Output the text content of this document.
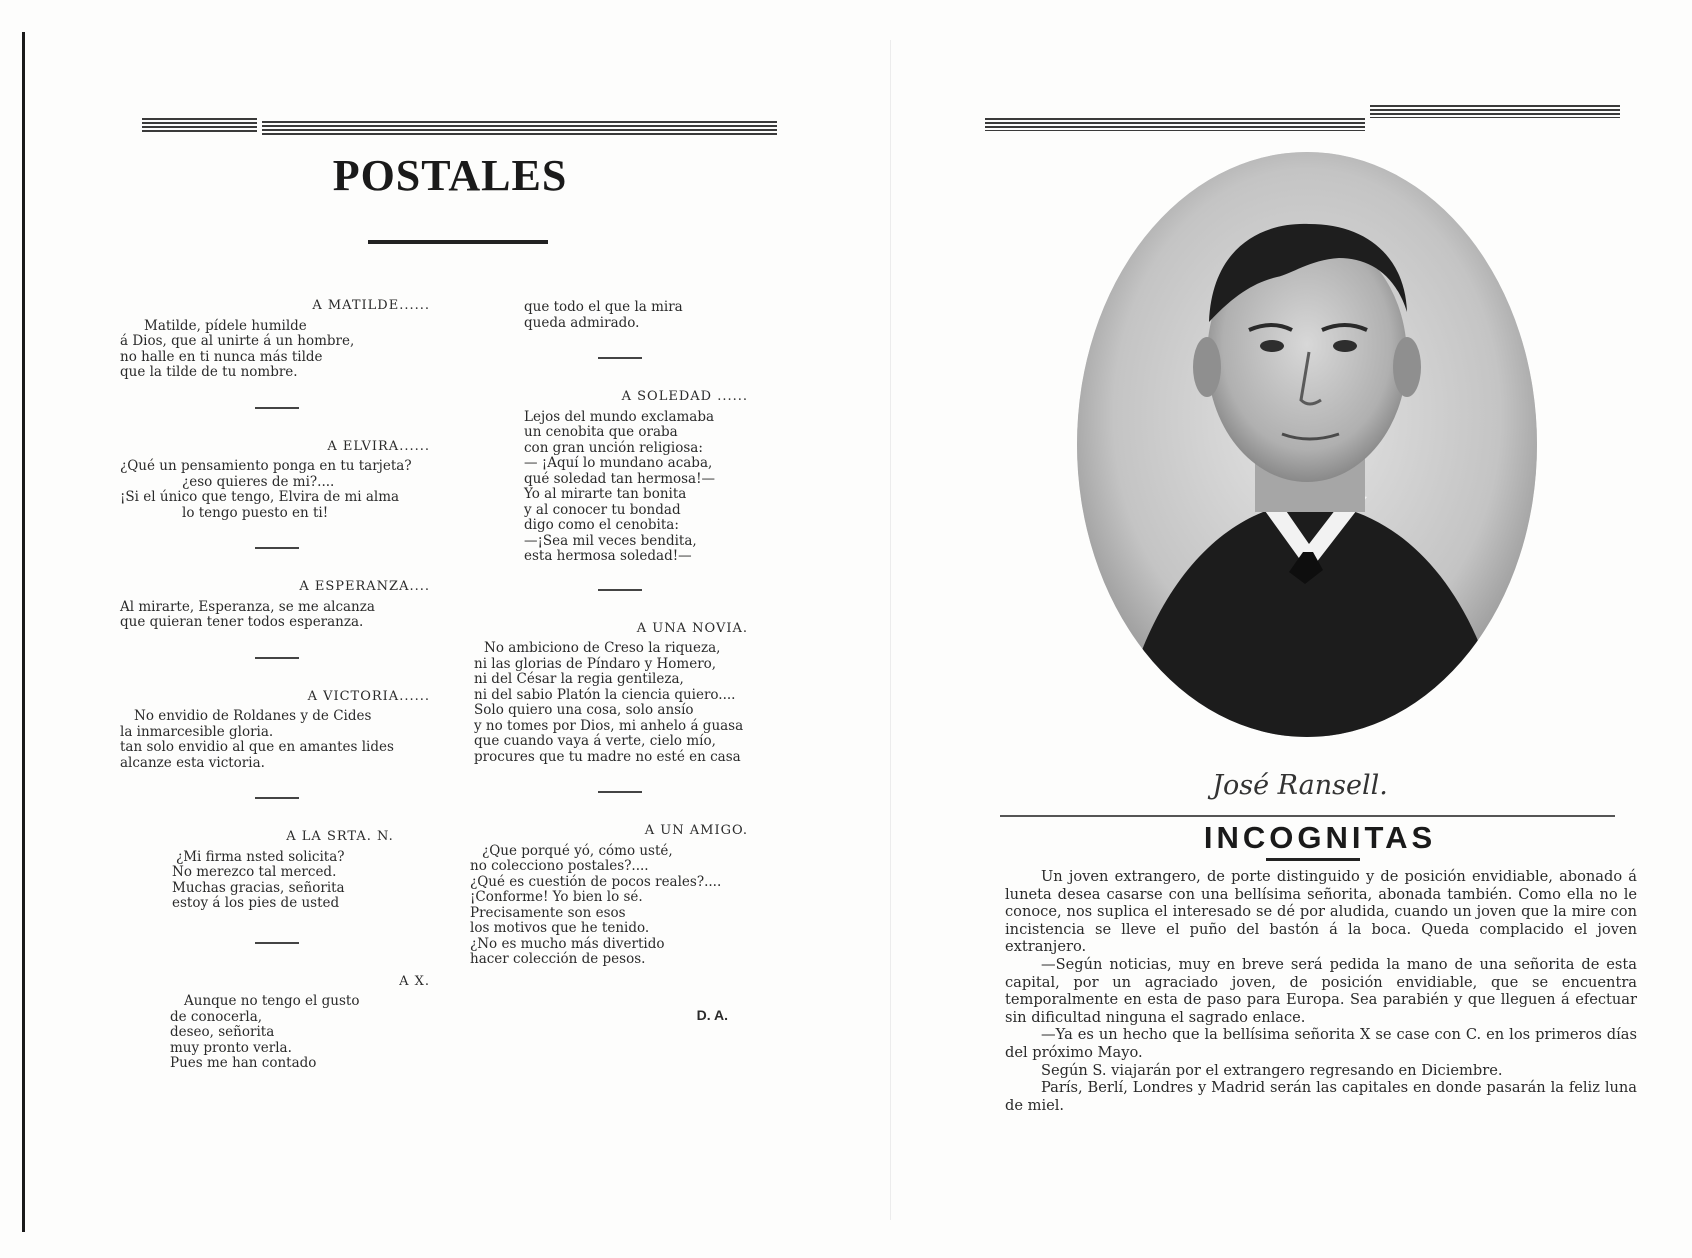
POSTALES
A MATILDE......
Matilde, pídele humilde
á Dios, que al unirte á un hombre,
no halle en ti nunca más tilde
que la tilde de tu nombre.
A ELVIRA......
¿Qué un pensamiento ponga en tu tarjeta?
¿eso quieres de mi?....
¡Si el único que tengo, Elvira de mi alma
lo tengo puesto en ti!
A ESPERANZA....
Al mirarte, Esperanza, se me alcanza
que quieran tener todos esperanza.
A VICTORIA......
No envidio de Roldanes y de Cides
la inmarcesible gloria.
tan solo envidio al que en amantes lides
alcanze esta victoria.
A LA SRTA. N.
¿Mi firma nsted solicita?
No merezco tal merced.
Muchas gracias, señorita
estoy á los pies de usted
A X.
Aunque no tengo el gusto
de conocerla,
deseo, señorita
muy pronto verla.
Pues me han contado
que todo el que la mira
queda admirado.
A SOLEDAD ......
Lejos del mundo exclamaba
un cenobita que oraba
con gran unción religiosa:
— ¡Aquí lo mundano acaba,
qué soledad tan hermosa!—
Yo al mirarte tan bonita
y al conocer tu bondad
digo como el cenobita:
—¡Sea mil veces bendita,
esta hermosa soledad!—
A UNA NOVIA.
No ambiciono de Creso la riqueza,
ni las glorias de Píndaro y Homero,
ni del César la regia gentileza,
ni del sabio Platón la ciencia quiero....
Solo quiero una cosa, solo ansío
y no tomes por Dios, mi anhelo á guasa
que cuando vaya á verte, cielo mío,
procures que tu madre no esté en casa
A UN AMIGO.
¿Que porqué yó, cómo usté,
no colecciono postales?....
¿Qué es cuestión de pocos reales?....
¡Conforme! Yo bien lo sé.
Precisamente son esos
los motivos que he tenido.
¿No es mucho más divertido
hacer colección de pesos.
D. A.
José Ransell.
INCOGNITAS

Un joven extrangero, de porte distinguido y de posición envidiable, abonado á luneta desea casarse con una bellísima señorita, abonada también. Como ella no le conoce, nos suplica el interesado se dé por aludida, cuando un joven que la mire con incistencia se lleve el puño del bastón á la boca. Queda complacido el joven extranjero.

—Según noticias, muy en breve será pedida la mano de una señorita de esta capital, por un agraciado joven, de posición envidiable, que se encuentra temporalmente en esta de paso para Europa. Sea parabién y que lleguen á efectuar sin dificultad ninguna el sagrado enlace.

—Ya es un hecho que la bellísima señorita X se case con C. en los primeros días del próximo Mayo.

Según S. viajarán por el extrangero regresando en Diciembre.

París, Berlí, Londres y Madrid serán las capitales en donde pasarán la feliz luna de miel.
